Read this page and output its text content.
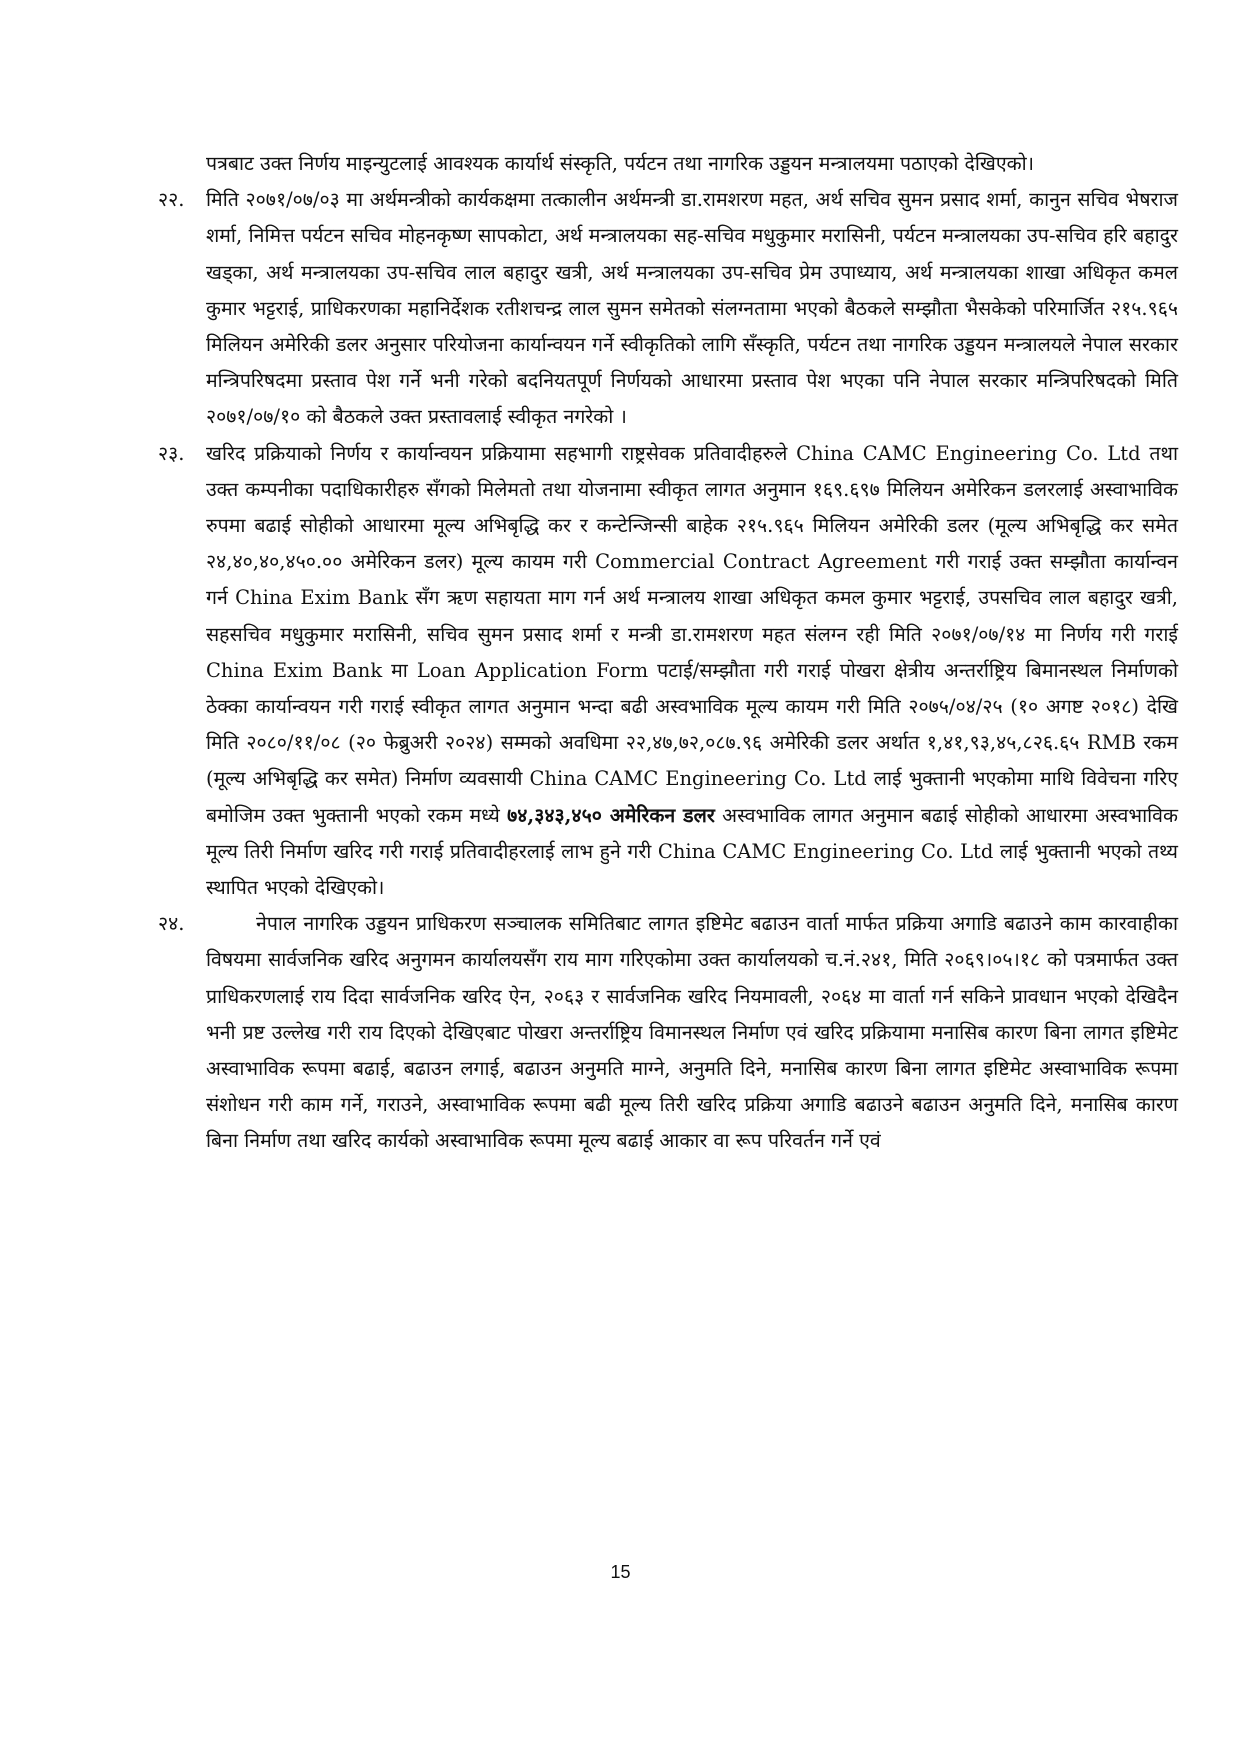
पत्रबाट उक्त निर्णय माइन्युटलाई आवश्यक कार्यार्थ संस्कृति, पर्यटन तथा नागरिक उड्डयन मन्त्रालयमा पठाएको देखिएको।

२२.	मिति २०७१/०७/०३ मा अर्थमन्त्रीको कार्यकक्षमा तत्कालीन अर्थमन्त्री डा.रामशरण महत, अर्थ सचिव सुमन प्रसाद शर्मा, कानुन सचिव भेषराज शर्मा, निमित्त पर्यटन सचिव मोहनकृष्ण सापकोटा, अर्थ मन्त्रालयका सह-सचिव मधुकुमार मरासिनी, पर्यटन मन्त्रालयका उप-सचिव हरि बहादुर खड्का, अर्थ मन्त्रालयका उप-सचिव लाल बहादुर खत्री, अर्थ मन्त्रालयका उप-सचिव प्रेम उपाध्याय, अर्थ मन्त्रालयका शाखा अधिकृत कमल कुमार भट्टराई, प्राधिकरणका महानिर्देशक रतीशचन्द्र लाल सुमन समेतको संलग्नतामा भएको बैठकले सम्झौता भैसकेको परिमार्जित २१५.९६५ मिलियन अमेरिकी डलर अनुसार परियोजना कार्यान्वयन गर्ने स्वीकृतिको लागि सँस्कृति, पर्यटन तथा नागरिक उड्डयन मन्त्रालयले नेपाल सरकार मन्त्रिपरिषदमा प्रस्ताव पेश गर्ने भनी गरेको बदनियतपूर्ण निर्णयको आधारमा प्रस्ताव पेश भएका पनि नेपाल सरकार मन्त्रिपरिषदको मिति २०७१/०७/१० को बैठकले उक्त प्रस्तावलाई स्वीकृत नगरेको ।
२३.	खरिद प्रक्रियाको निर्णय र कार्यान्वयन प्रक्रियामा सहभागी राष्ट्रसेवक प्रतिवादीहरुले China CAMC Engineering Co. Ltd तथा उक्त कम्पनीका पदाधिकारीहरु सँगको मिलेमतो तथा योजनामा स्वीकृत लागत अनुमान १६९.६९७ मिलियन अमेरिकन डलरलाई अस्वाभाविक रुपमा बढाई सोहीको आधारमा मूल्य अभिबृद्धि कर र कन्टेन्जिन्सी बाहेक २१५.९६५ मिलियन अमेरिकी डलर (मूल्य अभिबृद्धि कर समेत २४,४०,४०,४५०.०० अमेरिकन डलर) मूल्य कायम गरी Commercial Contract Agreement गरी गराई उक्त सम्झौता कार्यान्वन गर्न China Exim Bank सँग ऋण सहायता माग गर्न अर्थ मन्त्रालय शाखा अधिकृत कमल कुमार भट्टराई, उपसचिव लाल बहादुर खत्री, सहसचिव मधुकुमार मरासिनी, सचिव सुमन प्रसाद शर्मा र मन्त्री डा.रामशरण महत संलग्न रही मिति २०७१/०७/१४ मा निर्णय गरी गराई China Exim Bank मा Loan Application Form पटाई/सम्झौता गरी गराई पोखरा क्षेत्रीय अन्तर्राष्ट्रिय बिमानस्थल निर्माणको ठेक्का कार्यान्वयन गरी गराई स्वीकृत लागत अनुमान भन्दा बढी अस्वभाविक मूल्य कायम गरी मिति २०७५/०४/२५ (१० अगष्ट २०१८) देखि मिति २०८०/११/०८ (२० फेब्रुअरी २०२४) सम्मको अवधिमा २२,४७,७२,०८७.९६ अमेरिकी डलर अर्थात १,४१,९३,४५,८२६.६५ RMB रकम (मूल्य अभिबृद्धि कर समेत) निर्माण व्यवसायी China CAMC Engineering Co. Ltd लाई भुक्तानी भएकोमा माथि विवेचना गरिए बमोजिम उक्त भुक्तानी भएको रकम मध्ये ७४,३४३,४५० अमेरिकन डलर अस्वभाविक लागत अनुमान बढाई सोहीको आधारमा अस्वभाविक मूल्य तिरी निर्माण खरिद गरी गराई प्रतिवादीहरलाई लाभ हुने गरी China CAMC Engineering Co. Ltd लाई भुक्तानी भएको तथ्य स्थापित भएको देखिएको।
२४.	नेपाल नागरिक उड्डयन प्राधिकरण सञ्चालक समितिबाट लागत इष्टिमेट बढाउन वार्ता मार्फत प्रक्रिया अगाडि बढाउने काम कारवाहीका विषयमा सार्वजनिक खरिद अनुगमन कार्यालयसँग राय माग गरिएकोमा उक्त कार्यालयको च.नं.२४१, मिति २०६९।०५।१८ को पत्रमार्फत उक्त प्राधिकरणलाई राय दिदा सार्वजनिक खरिद ऐन, २०६३ र सार्वजनिक खरिद नियमावली, २०६४ मा वार्ता गर्न सकिने प्रावधान भएको देखिदैन भनी प्रष्ट उल्लेख गरी राय दिएको देखिएबाट पोखरा अन्तर्राष्ट्रिय विमानस्थल निर्माण एवं खरिद प्रक्रियामा मनासिब कारण बिना लागत इष्टिमेट अस्वाभाविक रूपमा बढाई, बढाउन लगाई, बढाउन अनुमति माग्ने, अनुमति दिने, मनासिब कारण बिना लागत इष्टिमेट अस्वाभाविक रूपमा संशोधन गरी काम गर्ने, गराउने, अस्वाभाविक रूपमा बढी मूल्य तिरी खरिद प्रक्रिया अगाडि बढाउने बढाउन अनुमति दिने, मनासिब कारण बिना निर्माण तथा खरिद कार्यको अस्वाभाविक रूपमा मूल्य बढाई आकार वा रूप परिवर्तन गर्ने एवं
15
